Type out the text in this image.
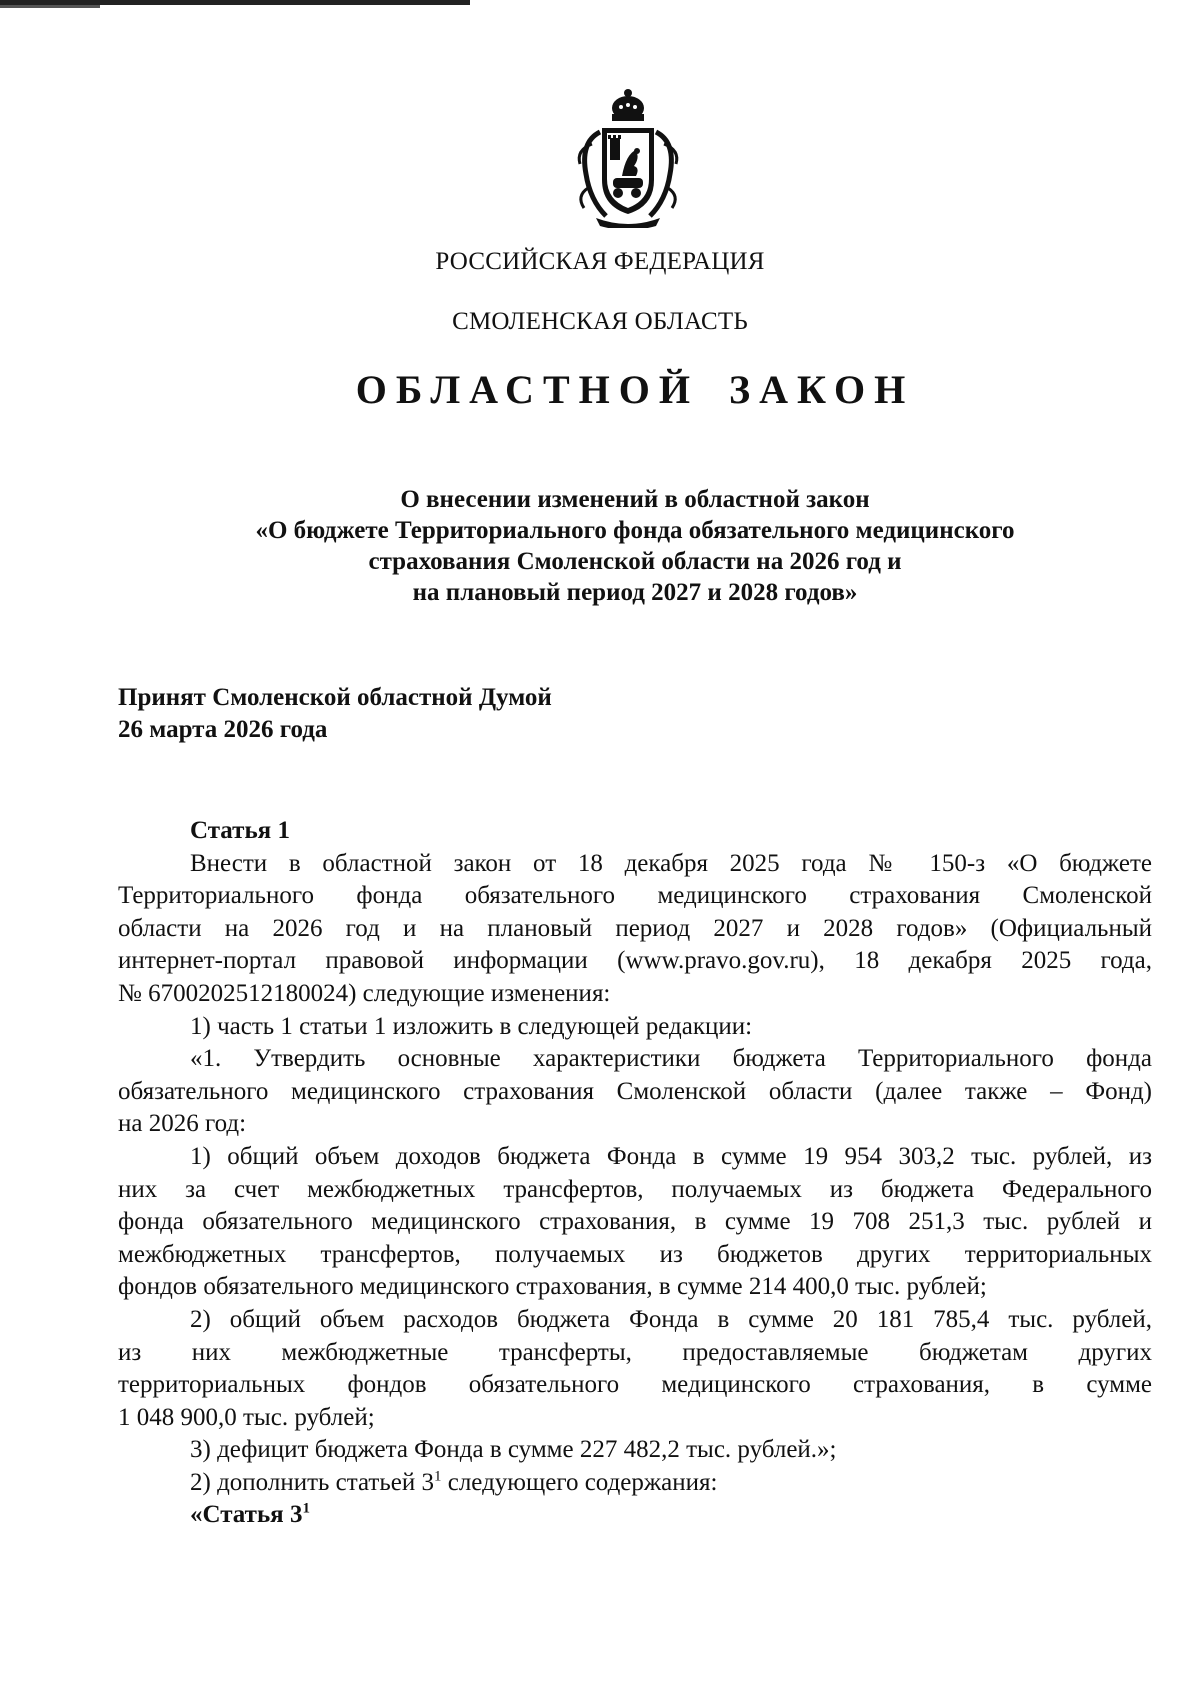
РОССИЙСКАЯ ФЕДЕРАЦИЯ
СМОЛЕНСКАЯ ОБЛАСТЬ
ОБЛАСТНОЙ ЗАКОН
О внесении изменений в областной закон
«О бюджете Территориального фонда обязательного медицинского
страхования Смоленской области на 2026 год и
на плановый период 2027 и 2028 годов»
Принят Смоленской областной Думой
26 марта 2026 года

Статья 1

Внести в областной закон от 18 декабря 2025 года № 150-з «О бюджете

Территориального фонда обязательного медицинского страхования Смоленской

области на 2026 год и на плановый период 2027 и 2028 годов» (Официальный

интернет-портал правовой информации (www.pravo.gov.ru), 18 декабря 2025 года,

№ 6700202512180024) следующие изменения:

1) часть 1 статьи 1 изложить в следующей редакции:

«1. Утвердить основные характеристики бюджета Территориального фонда

обязательного медицинского страхования Смоленской области (далее также – Фонд)

на 2026 год:

1) общий объем доходов бюджета Фонда в сумме 19 954 303,2 тыс. рублей, из

них за счет межбюджетных трансфертов, получаемых из бюджета Федерального

фонда обязательного медицинского страхования, в сумме 19 708 251,3 тыс. рублей и

межбюджетных трансфертов, получаемых из бюджетов других территориальных

фондов обязательного медицинского страхования, в сумме 214 400,0 тыс. рублей;

2) общий объем расходов бюджета Фонда в сумме 20 181 785,4 тыс. рублей,

из них межбюджетные трансферты, предоставляемые бюджетам других

территориальных фондов обязательного медицинского страхования, в сумме

1 048 900,0 тыс. рублей;

3) дефицит бюджета Фонда в сумме 227 482,2 тыс. рублей.»;

2) дополнить статьей $3^1$ следующего содержания:

«Статья $3^1$
